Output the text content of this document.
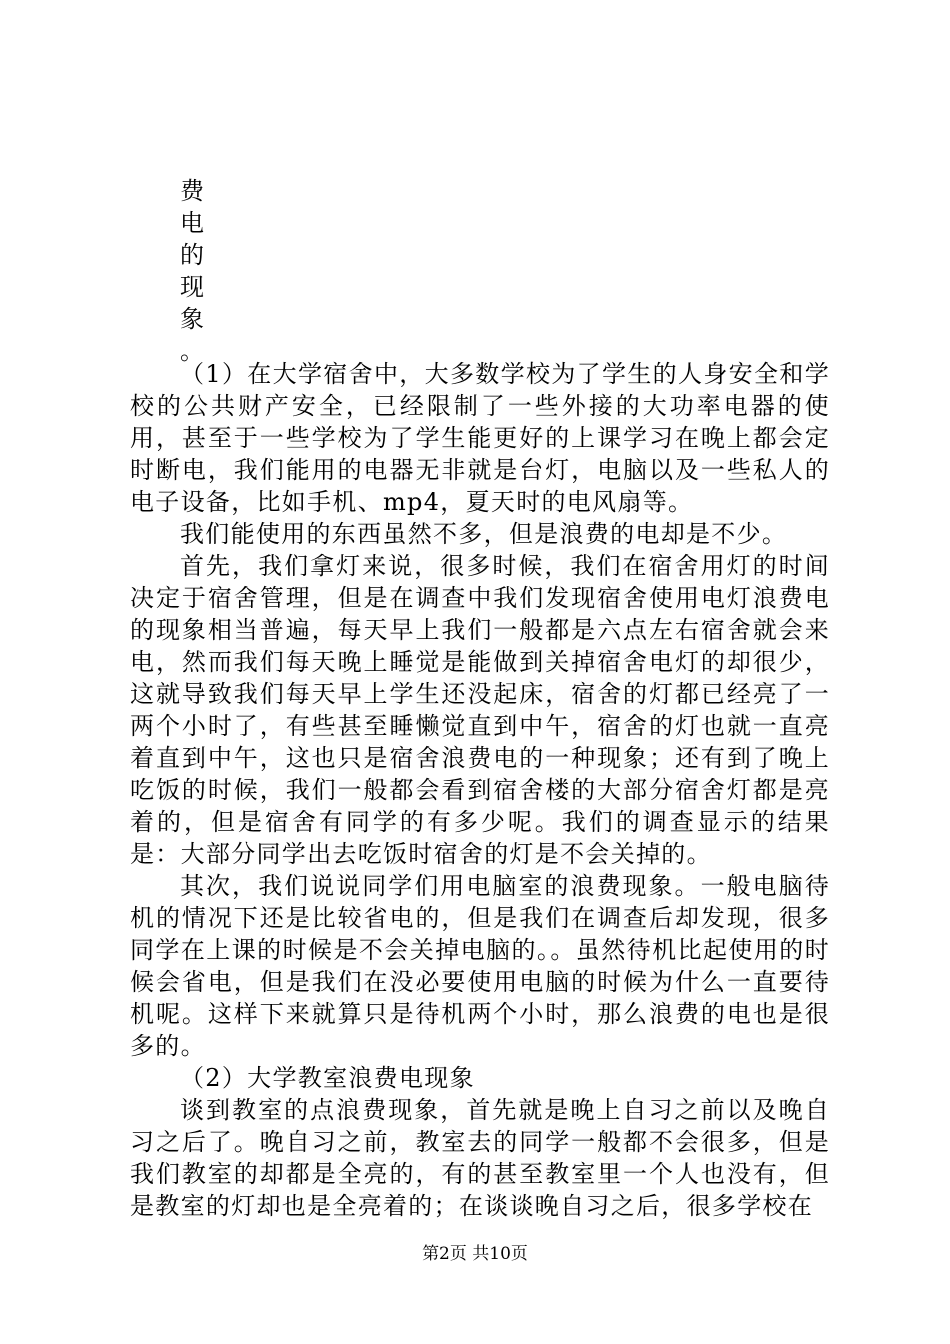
费
电
的
现
象
。

（1）在大学宿舍中，大多数学校为了学生的人身安全和学校的公共财产安全，已经限制了一些外接的大功率电器的使用，甚至于一些学校为了学生能更好的上课学习在晚上都会定时断电，我们能用的电器无非就是台灯，电脑以及一些私人的电子设备，比如手机、mp4，夏天时的电风扇等。

我们能使用的东西虽然不多，但是浪费的电却是不少。

首先，我们拿灯来说，很多时候，我们在宿舍用灯的时间决定于宿舍管理，但是在调查中我们发现宿舍使用电灯浪费电的现象相当普遍，每天早上我们一般都是六点左右宿舍就会来电，然而我们每天晚上睡觉是能做到关掉宿舍电灯的却很少，这就导致我们每天早上学生还没起床，宿舍的灯都已经亮了一两个小时了，有些甚至睡懒觉直到中午，宿舍的灯也就一直亮着直到中午，这也只是宿舍浪费电的一种现象；还有到了晚上吃饭的时候，我们一般都会看到宿舍楼的大部分宿舍灯都是亮着的，但是宿舍有同学的有多少呢。我们的调查显示的结果是：大部分同学出去吃饭时宿舍的灯是不会关掉的。

其次，我们说说同学们用电脑室的浪费现象。一般电脑待机的情况下还是比较省电的，但是我们在调查后却发现，很多同学在上课的时候是不会关掉电脑的。。虽然待机比起使用的时候会省电，但是我们在没必要使用电脑的时候为什么一直要待机呢。这样下来就算只是待机两个小时，那么浪费的电也是很多的。

（2）大学教室浪费电现象

谈到教室的点浪费现象，首先就是晚上自习之前以及晚自习之后了。晚自习之前，教室去的同学一般都不会很多，但是我们教室的却都是全亮的，有的甚至教室里一个人也没有，但是教室的灯却也是全亮着的；在谈谈晚自习之后，很多学校在

第2页 共10页
